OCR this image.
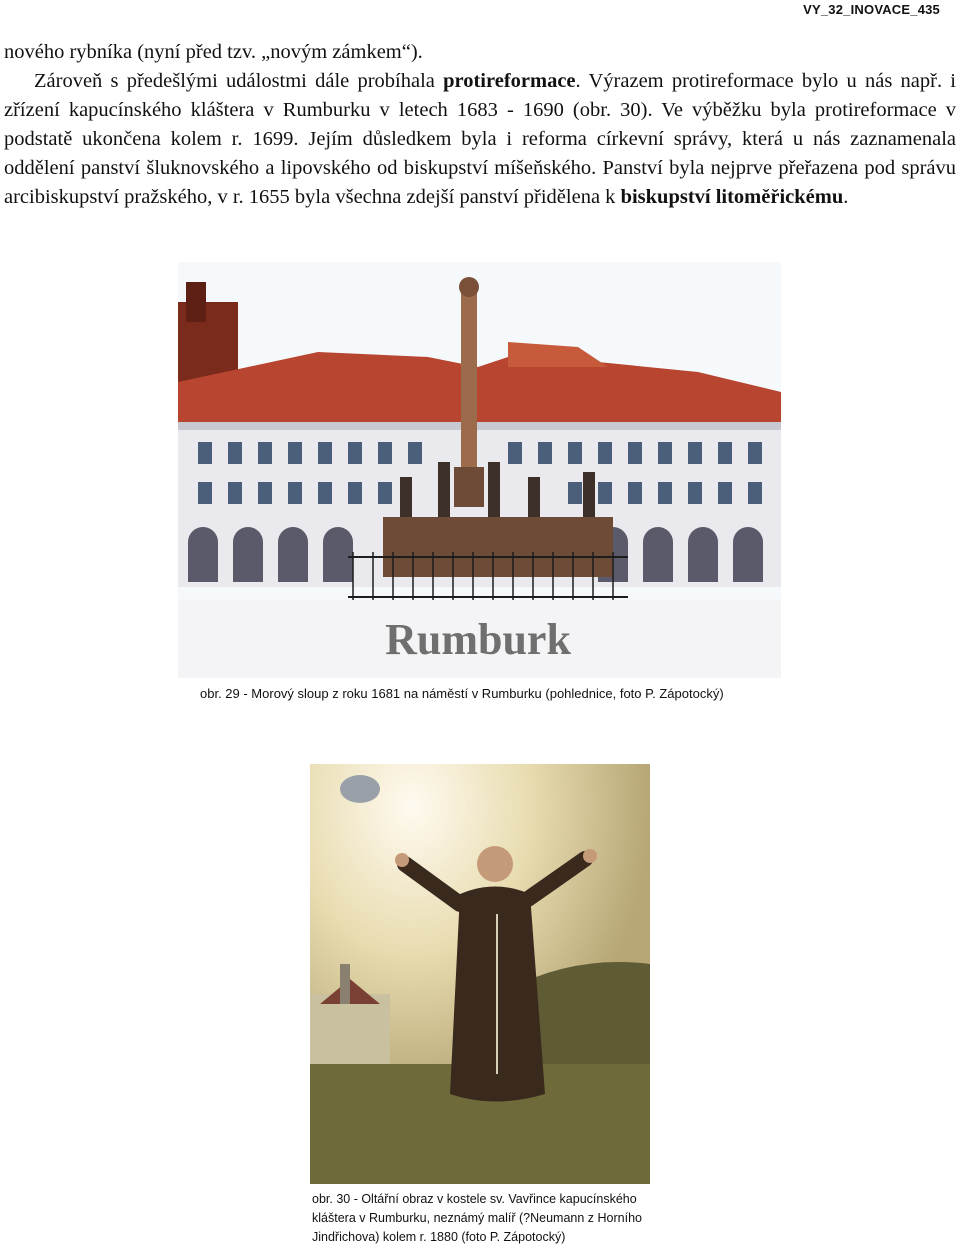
VY_32_INOVACE_435

nového rybníka (nyní před tzv. „novým zámkem“).

Zároveň s předešlými událostmi dále probíhala protireformace. Výrazem protireformace bylo u nás např. i zřízení kapucínského kláštera v Rumburku v letech 1683 - 1690 (obr. 30). Ve výběžku byla protireformace v podstatě ukončena kolem r. 1699. Jejím důsledkem byla i reforma církevní správy, která u nás zaznamenala oddělení panství šluknovského a lipovského od biskupství míšeňského. Panství byla nejprve přeřazena pod správu arcibiskupství pražského, v r. 1655 byla všechna zdejší panství přidělena k biskupství litoměřickému.

Rumburk
obr. 29 - Morový sloup z roku 1681 na náměstí v Rumburku (pohlednice, foto P. Zápotocký)
obr. 30 - Oltářní obraz v kostele sv. Vavřince kapucínského kláštera v Rumburku, neznámý malíř (?Neumann z Horního Jindřichova) kolem r. 1880 (foto P. Zápotocký)
